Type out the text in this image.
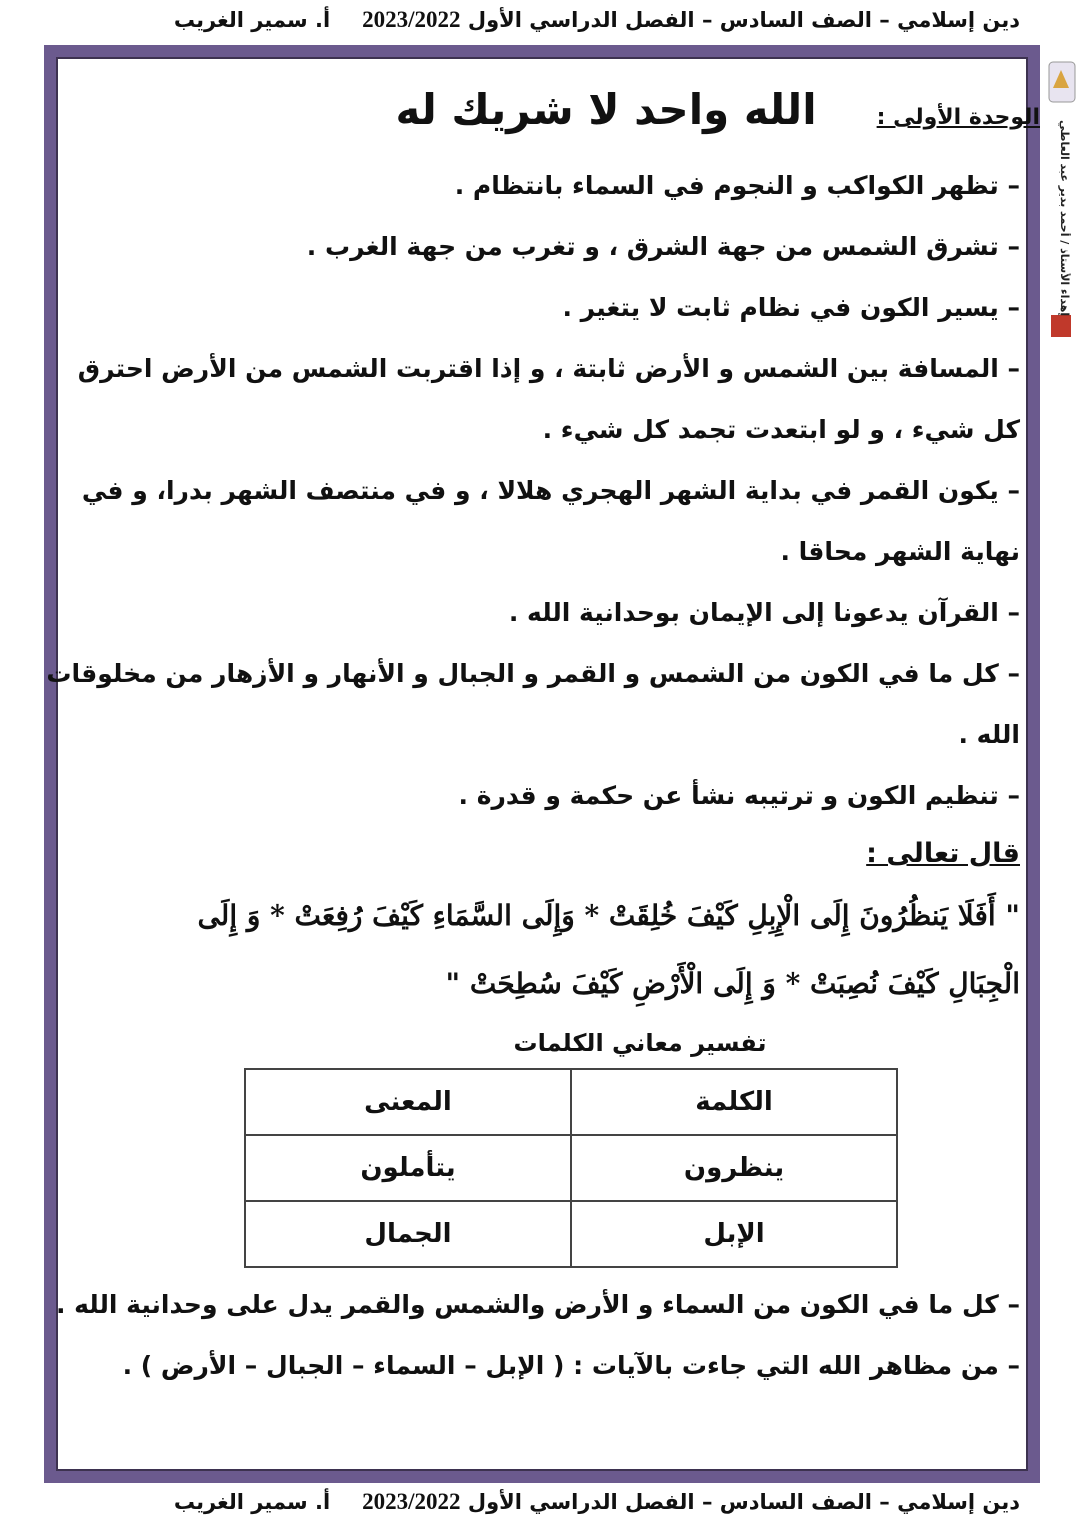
دين إسلامي – الصف السادس – الفصل الدراسي الأول 2023/2022
أ. سمير الغريب
إهداء الأستاذ / أحمد بدير عبد العاطي
الوحدة الأولى :
الله واحد لا شريك له
– تظهر الكواكب و النجوم في السماء بانتظام .
– تشرق الشمس من جهة الشرق ، و تغرب من جهة الغرب .
– يسير الكون في نظام ثابت لا يتغير .
– المسافة بين الشمس و الأرض ثابتة ، و إذا اقتربت الشمس من الأرض احترق
كل شيء ، و لو ابتعدت تجمد كل شيء .
– يكون القمر في بداية الشهر الهجري هلالا ، و في منتصف الشهر بدرا، و في
نهاية الشهر محاقا .
– القرآن يدعونا إلى الإيمان بوحدانية الله .
– كل ما في الكون من الشمس و القمر و الجبال و الأنهار و الأزهار من مخلوقات
الله .
– تنظيم الكون و ترتيبه نشأ عن حكمة و قدرة .
قال تعالى :
" أَفَلَا يَنظُرُونَ إِلَى الْإِبِلِ كَيْفَ خُلِقَتْ * وَإِلَى السَّمَاءِ كَيْفَ رُفِعَتْ * وَ إِلَى
الْجِبَالِ كَيْفَ نُصِبَتْ * وَ إِلَى الْأَرْضِ كَيْفَ سُطِحَتْ "
تفسير معاني الكلمات
الكلمة	المعنى
ينظرون	يتأملون
الإبل	الجمال
– كل ما في الكون من السماء و الأرض والشمس والقمر يدل على وحدانية الله .
– من مظاهر الله التي جاءت بالآيات : ( الإبل – السماء – الجبال – الأرض ) .
دين إسلامي – الصف السادس – الفصل الدراسي الأول 2023/2022
أ. سمير الغريب
